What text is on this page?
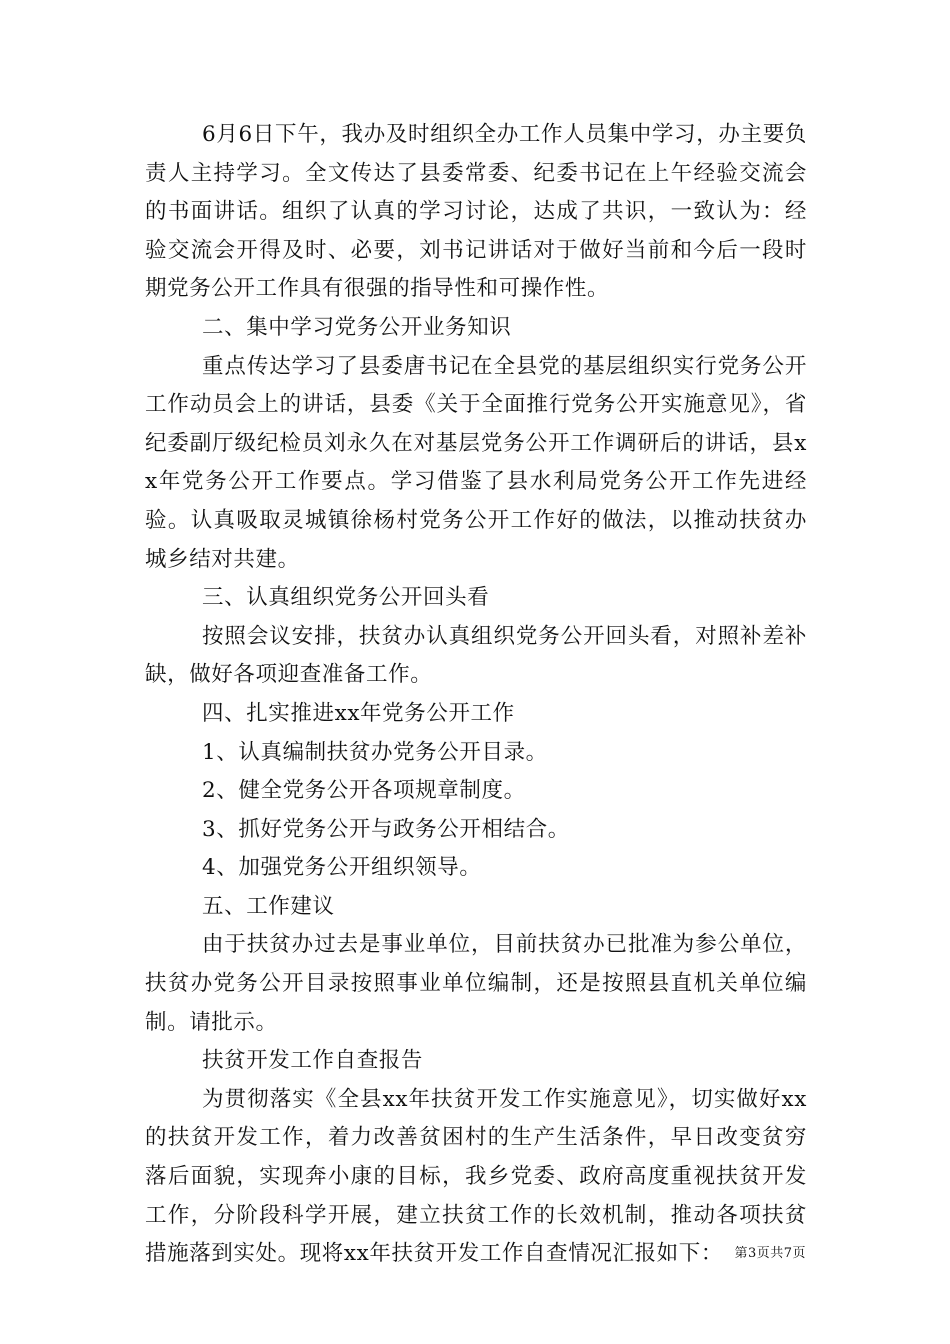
6月6日下午，我办及时组织全办工作人员集中学习，办主要负责人主持学习。全文传达了县委常委、纪委书记在上午经验交流会的书面讲话。组织了认真的学习讨论，达成了共识，一致认为：经验交流会开得及时、必要，刘书记讲话对于做好当前和今后一段时期党务公开工作具有很强的指导性和可操作性。

二、集中学习党务公开业务知识

重点传达学习了县委唐书记在全县党的基层组织实行党务公开工作动员会上的讲话，县委《关于全面推行党务公开实施意见》，省纪委副厅级纪检员刘永久在对基层党务公开工作调研后的讲话，县xx年党务公开工作要点。学习借鉴了县水利局党务公开工作先进经验。认真吸取灵城镇徐杨村党务公开工作好的做法，以推动扶贫办城乡结对共建。

三、认真组织党务公开回头看

按照会议安排，扶贫办认真组织党务公开回头看，对照补差补缺，做好各项迎查准备工作。

四、扎实推进xx年党务公开工作

1、认真编制扶贫办党务公开目录。

2、健全党务公开各项规章制度。

3、抓好党务公开与政务公开相结合。

4、加强党务公开组织领导。

五、工作建议

由于扶贫办过去是事业单位，目前扶贫办已批准为参公单位，扶贫办党务公开目录按照事业单位编制，还是按照县直机关单位编制。请批示。

扶贫开发工作自查报告

为贯彻落实《全县xx年扶贫开发工作实施意见》，切实做好xx的扶贫开发工作，着力改善贫困村的生产生活条件，早日改变贫穷落后面貌，实现奔小康的目标，我乡党委、政府高度重视扶贫开发工作，分阶段科学开展，建立扶贫工作的长效机制，推动各项扶贫措施落到实处。现将xx年扶贫开发工作自查情况汇报如下： 第3页共7页
